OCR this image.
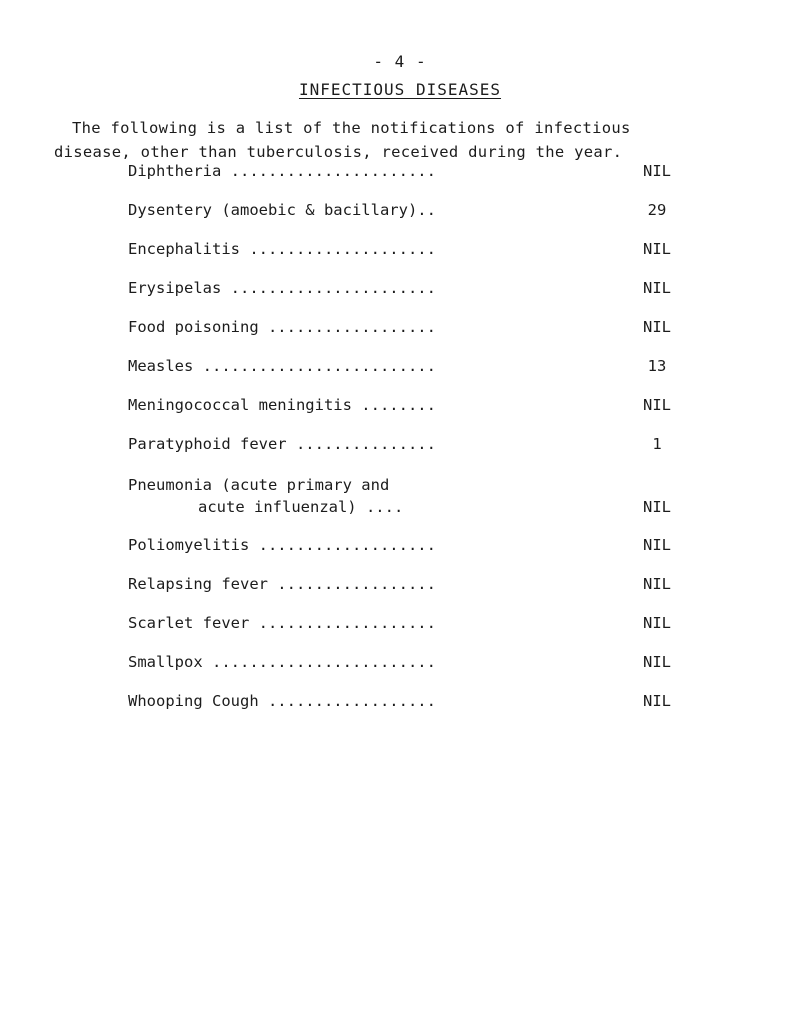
- 4 -
INFECTIOUS DISEASES
The following is a list of the notifications of infectious
disease, other than tuberculosis, received during the year.
Diphtheria ......................	NIL
Dysentery (amoebic & bacillary)..	29
Encephalitis ....................	NIL
Erysipelas ......................	NIL
Food poisoning ..................	NIL
Measles .........................	13
Meningococcal meningitis ........	NIL
Paratyphoid fever ...............	1
Pneumonia (acute primary and
acute influenzal) ....	NIL
Poliomyelitis ...................	NIL
Relapsing fever .................	NIL
Scarlet fever ...................	NIL
Smallpox ........................	NIL
Whooping Cough ..................	NIL
